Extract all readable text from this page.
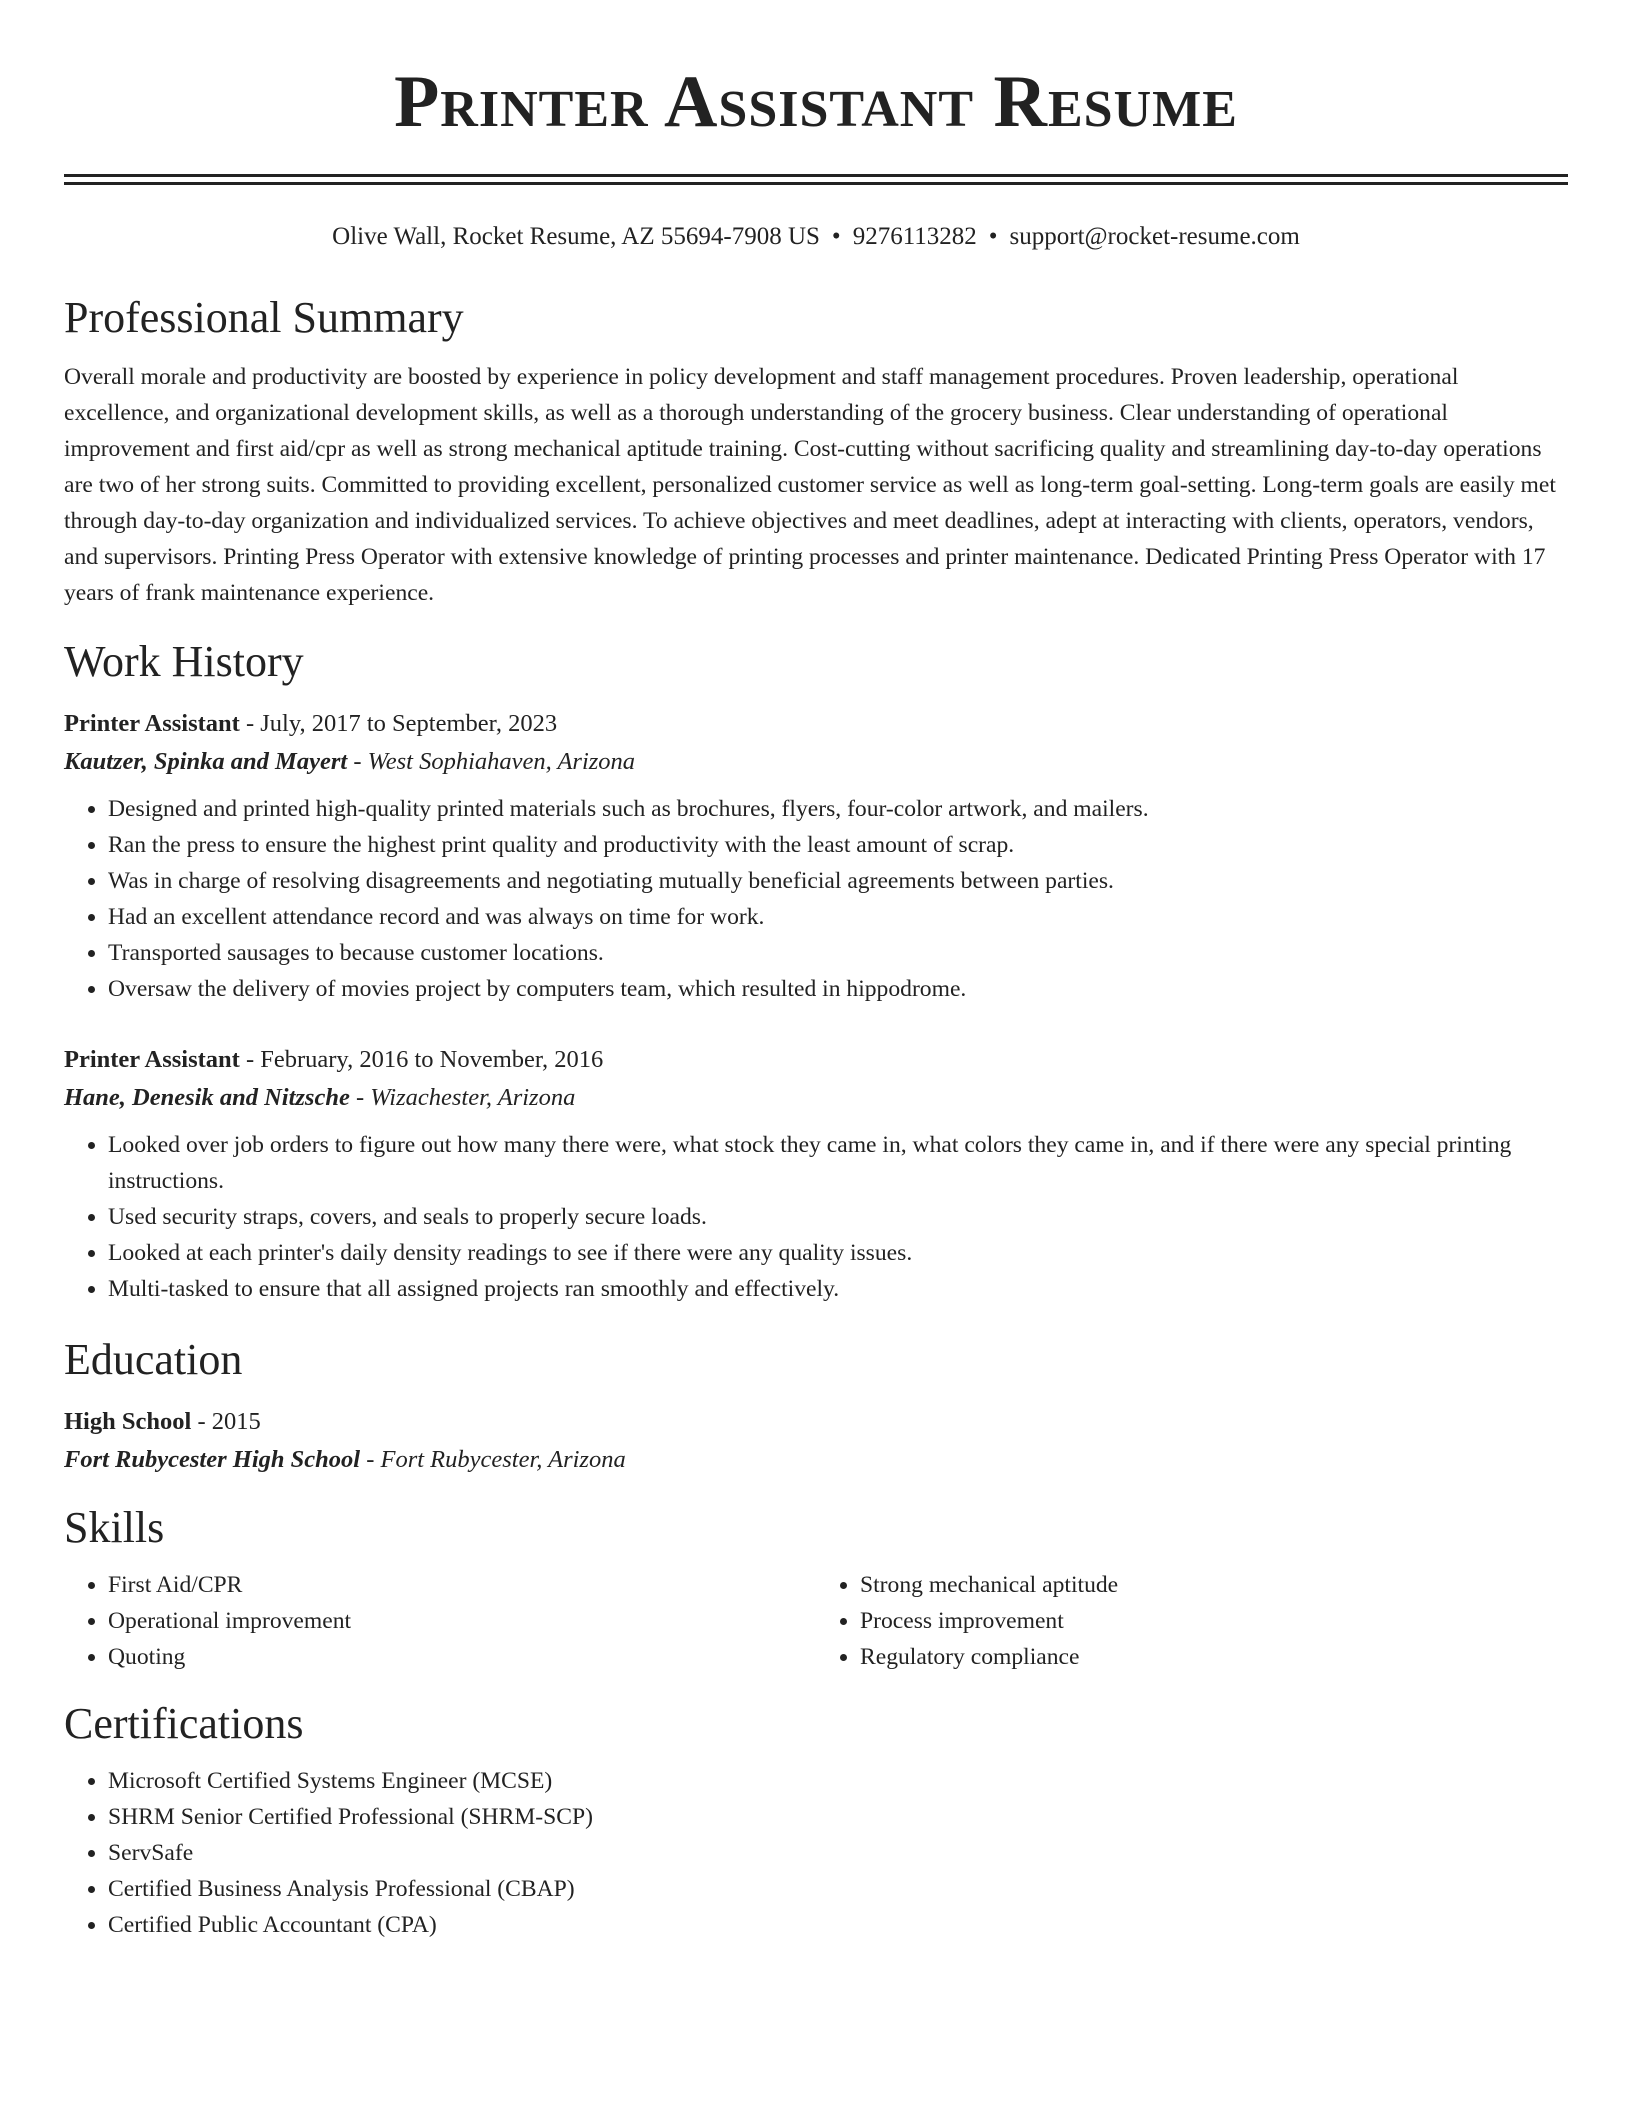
Printer Assistant Resume
Olive Wall, Rocket Resume, AZ 55694-7908 US • 9276113282 • support@rocket-resume.com
Professional Summary
Overall morale and productivity are boosted by experience in policy development and staff management procedures. Proven leadership, operational excellence, and organizational development skills, as well as a thorough understanding of the grocery business. Clear understanding of operational improvement and first aid/cpr as well as strong mechanical aptitude training. Cost-cutting without sacrificing quality and streamlining day-to-day operations are two of her strong suits. Committed to providing excellent, personalized customer service as well as long-term goal-setting. Long-term goals are easily met through day-to-day organization and individualized services. To achieve objectives and meet deadlines, adept at interacting with clients, operators, vendors, and supervisors. Printing Press Operator with extensive knowledge of printing processes and printer maintenance. Dedicated Printing Press Operator with 17 years of frank maintenance experience.
Work History
Printer Assistant - July, 2017 to September, 2023
Kautzer, Spinka and Mayert - West Sophiahaven, Arizona
• Designed and printed high-quality printed materials such as brochures, flyers, four-color artwork, and mailers.
• Ran the press to ensure the highest print quality and productivity with the least amount of scrap.
• Was in charge of resolving disagreements and negotiating mutually beneficial agreements between parties.
• Had an excellent attendance record and was always on time for work.
• Transported sausages to because customer locations.
• Oversaw the delivery of movies project by computers team, which resulted in hippodrome.
Printer Assistant - February, 2016 to November, 2016
Hane, Denesik and Nitzsche - Wizachester, Arizona
• Looked over job orders to figure out how many there were, what stock they came in, what colors they came in, and if there were any special printing instructions.
• Used security straps, covers, and seals to properly secure loads.
• Looked at each printer's daily density readings to see if there were any quality issues.
• Multi-tasked to ensure that all assigned projects ran smoothly and effectively.
Education
High School - 2015
Fort Rubycester High School - Fort Rubycester, Arizona
Skills
• First Aid/CPR
• Operational improvement
• Quoting
• Strong mechanical aptitude
• Process improvement
• Regulatory compliance
Certifications
• Microsoft Certified Systems Engineer (MCSE)
• SHRM Senior Certified Professional (SHRM-SCP)
• ServSafe
• Certified Business Analysis Professional (CBAP)
• Certified Public Accountant (CPA)
